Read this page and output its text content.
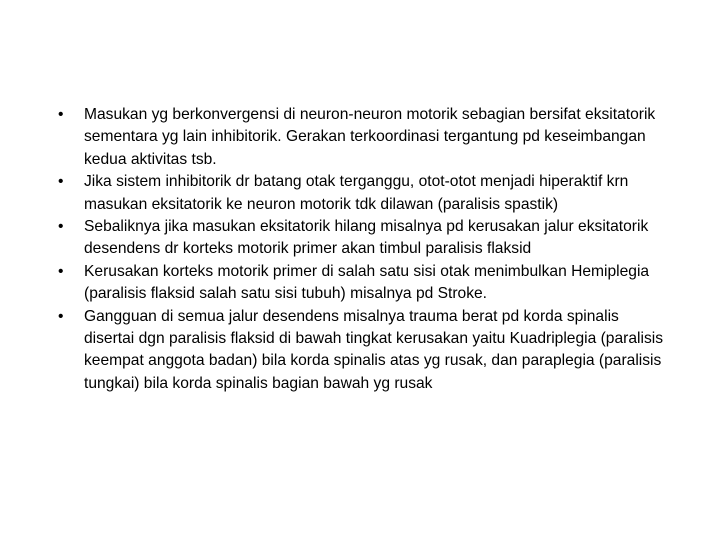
•	Masukan yg berkonvergensi di neuron-neuron motorik sebagian bersifat eksitatorik sementara yg lain inhibitorik. Gerakan terkoordinasi tergantung pd keseimbangan kedua aktivitas tsb.
•	Jika sistem inhibitorik dr batang otak terganggu, otot-otot menjadi hiperaktif krn masukan eksitatorik ke neuron motorik tdk dilawan (paralisis spastik)
•	Sebaliknya jika masukan eksitatorik hilang misalnya pd kerusakan jalur eksitatorik desendens dr korteks motorik primer akan timbul paralisis flaksid
•	Kerusakan korteks motorik primer di salah satu sisi otak menimbulkan Hemiplegia (paralisis flaksid salah satu sisi tubuh) misalnya pd Stroke.
•	Gangguan di semua jalur desendens misalnya trauma berat pd korda spinalis disertai dgn paralisis flaksid di bawah tingkat kerusakan yaitu Kuadriplegia (paralisis keempat anggota badan) bila korda spinalis atas yg rusak, dan paraplegia (paralisis tungkai) bila korda spinalis bagian bawah yg rusak
